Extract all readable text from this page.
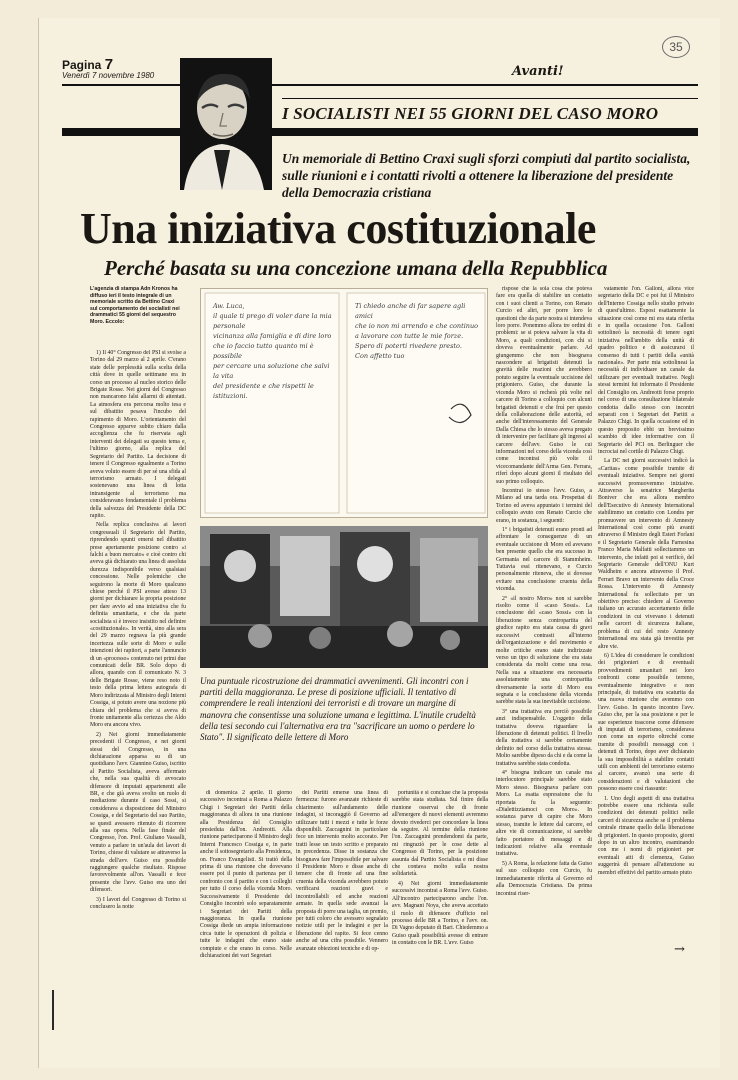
Pagina 7
Venerdì 7 novembre 1980
35
Avanti!
I SOCIALISTI NEI 55 GIORNI DEL CASO MORO
Un memoriale di Bettino Craxi sugli sforzi compiuti dal partito socialista, sulle riunioni e i contatti rivolti a ottenere la liberazione del presidente della Democrazia cristiana
Una iniziativa costituzionale
Perché basata su una concezione umana della Repubblica
L'agenzia di stampa Adn Kronos ha diffuso ieri il testo integrale di un memoriale scritto da Bettino Craxi sul comportamento dei socialisti nei drammatici 55 giorni del sequestro Moro. Eccolo:

1) Il 40° Congresso del PSI si svolse a Torino dal 29 marzo al 2 aprile. C'erano state delle perplessità sulla scelta della città dove in quelle settimane era in corso un processo al nucleo storico delle Brigate Rosse. Nei giorni del Congresso non mancarono falsi allarmi di attentati. La atmosfera era percorsa molto tesa e sul dibattito pesava l'incubo del rapimento di Moro. L'orientamento del Congresso apparve subito chiaro dalla accoglienza che fu riservata agli interventi dei delegati su questo tema e, l'ultimo giorno, alla replica del Segretario del Partito. La decisione di tenere il Congresso egualmente a Torino aveva voluto essere di per sé una sfida al terrorismo armato. I delegati sostenevano una linea di lotta intransigente al terrorismo ma consideravano fondamentale il problema della salvezza del Presidente della DC rapito.

Nella replica conclusiva ai lavori congressuali il Segretario del Partito, riprendendo spunti emersi nel dibattito prese apertamente posizione contro «i falchi a buon mercato» e cioè contro chi aveva già dichiarato una linea di assoluta durezza indisponibile verso qualsiasi concessione. Nelle polemiche che seguirono la morte di Moro qualcuno chiese perché il PSI avesse atteso 13 giorni per dichiarare la propria posizione per dare avvio ad una iniziativa che fu definita umanitaria, e che da parte socialista si è invece insistito nel definire «costituzionale». In verità, sino alla sera del 29 marzo regnava la più grande incertezza sulle sorte di Moro e sulle intenzioni dei rapitori, a parte l'annuncio di un «processo» contenuto nei primi due comunicati delle BR. Solo dopo di allora, quando con il comunicato N. 3 delle Brigate Rosse, viene reso noto il testo della prima lettera autografa di Moro indirizzata al Ministro degli Interni Cossiga, si potuto avere una nozione più chiara del problema che si aveva di fronte unitamente alla certezza che Aldo Moro era ancora vivo.

2) Nei giorni immediatamente precedenti il Congresso, e nei giorni stessi del Congresso, in una dichiarazione apparsa su di un quotidiano l'avv. Giannino Guiso, iscritto al Partito Socialista, aveva affermato che, nella sua qualità di avvocato difensore di imputati appartenenti alle BR, e che già aveva svolto un ruolo di mediazione durante il caso Sossi, si considerava a disposizione del Ministro Cossiga, e del Segretario del suo Partito, se questi avessero ritenuto di ricorrere alla sua opera. Nella fase finale del Congresso, l'on. Prof. Giuliano Vassalli, venuto a parlare in un'aula dei lavori di Torino, chiese di valutare se attraverso la strada dell'avv. Guiso era possibile raggiungere qualche risultato. Rispose favorevolmente all'on. Vassalli e fece presente che l'avv. Guiso era uno dei difensori.

3) I lavori del Congresso di Torino si conclusero la notte

Aw. Luca,
il quale ti prego di voler dare la mia personale
vicinanza alla famiglia e di dire loro
che io faccio tutto quanto mi è possibile
per cercare una soluzione che salvi la vita
del presidente e che rispetti le istituzioni.
Ti chiedo anche di far sapere agli amici
che io non mi arrendo e che continuo
a lavorare con tutte le mie forze.
Spero di poterti rivedere presto.
Con affetto tuo
Una puntuale ricostruzione dei drammatici avvenimenti. Gli incontri con i partiti della maggioranza. Le prese di posizione ufficiali. Il tentativo di comprendere le reali intenzioni dei terroristi e di trovare un margine di manovra che consentisse una soluzione umana e legittima. L'inutile crudeltà della tesi secondo cui l'alternativa era tra "sacrificare un uomo o perdere lo Stato". Il significato delle lettere di Moro

di domenica 2 aprile. Il giorno successivo incontrai a Roma a Palazzo Chigi i Segretari dei Partiti della maggioranza di allora in una riunione alla Presidenza del Consiglio presieduta dall'on. Andreotti. Alla riunione parteciparono il Ministro degli Interni Francesco Cossiga e, in parte anche il sottosegretario alla Presidenza, on. Franco Evangelisti. Si trattò della prima di una riunione che dovevano essere poi il punto di partenza per il confronto con il partito e con i colleghi per tutto il corso della vicenda Moro. Successivamente il Presidente del Consiglio incontrò solo separatamente i Segretari dei Partiti della maggioranza. In quella riunione Cossiga diede un ampia informazione circa tutte le operazioni di polizia e tutte le indagini che erano state compiute e che erano in corso. Nelle dichiarazioni dei vari Segretari

dei Partiti emerse una linea di fermezza: furono avanzate richieste di chiarimento sull'andamento delle indagini, si incoraggiò il Governo ad utilizzare tutti i mezzi e tutte le forze disponibili. Zaccagnini in particolare fece un intervento molto accorato. Per tratti lesse un testo scritto e preparato in precedenza. Disse in sostanza che bisognava fare l'impossibile per salvare il Presidente Moro e disse anche di temere che di fronte ad una fine cruenta della vicenda avrebbero potuto verificarsi reazioni gravi e incontrollabili ed anche reazioni armate. In quella sede avanzai la proposta di porre una taglia, un premio, per tutti coloro che avessero segnalato notizie utili per le indagini e per la liberazione del rapito. Si fece cenno anche ad una cifra possibile. Vennero avanzate obiezioni tecniche e di op-

portunità e si concluse che la proposta sarebbe stata studiata. Sul finire della riunione osservai che di fronte all'emergere di nuovi elementi avremmo dovuto rivederci per concordare la linea da seguire. Al termine della riunione l'on. Zaccagnini prendendomi da parte, mi ringraziò per le cose dette al Congresso di Torino, per la posizione assunta dal Partito Socialista e mi disse che contava molto sulla nostra solidarietà.

4) Nei giorni immediatamente successivi incontrai a Roma l'avv. Guiso. All'incontro parteciparono anche l'on. avv. Magnani Noya, che aveva accettato il ruolo di difensore d'ufficio nel processo delle BR a Torino, e l'avv. on. Di Vagno deputato di Bari. Chiedemmo a Guiso quali possibilità avesse di entrare in contatto con le BR. L'avv. Guiso

rispose che la sola cosa che poteva fare era quella di stabilire un contatto con i suoi clienti a Torino, con Renato Curcio ed altri, per porre loro le questioni che da parte nostra si intendeva loro porre. Ponemmo allora tre ordini di problemi: se si poteva salvare la vita di Moro, a quali condizioni, con chi si doveva eventualmente parlare. Ad giungemmo che non bisognava nascondere ai brigatisti detenuti la gravità delle reazioni che avrebbero potuto seguire la eventuale uccisione del prigioniero. Guiso, che durante la vicenda Moro si recherà più volte nel carcere di Torino a colloquio con alcuni brigatisti detenuti e che fruì per questo della collaborazione delle autorità, ed anche dell'interessamento del Generale Dalla Chiesa che lo stesso aveva pregato di intervenire per facilitare gli ingressi al carcere dell'avv. Guiso le cui informazioni nel corso della vicenda così come incontrai più volte il vicecomandante dell'Arma Gen. Ferrara, riferì dopo alcuni giorni il risultato del suo primo colloquio.

Incontrai io stesso l'avv. Guiso, a Milano ad una tarda ora. Prospettai di Torino ed aveva appuntato i termini del colloquio avuto con Renato Curcio che erano, in sostanza, i seguenti:

1° i brigatisti detenuti erano pronti ad affrontare le conseguenze di un eventuale uccisione di Moro ed avevano ben presente quello che era successo in Germania nel carcere di Stammheim. Tuttavia essi ritenevano, e Curcio personalmente riteneva, che si dovesse evitare una conclusione cruenta della vicenda.

2° «il nostro Moro» non si sarebbe risolto come il «caso Sossi». La conclusione del «caso Sossi» con la liberazione senza contropartita del giudice rapito era stata causa di gravi successivi contrasti all'interno dell'organizzazione e del movimento e molte critiche erano state indirizzate verso un tipo di soluzione che era stata considerata da molti come una resa. Nella sua a situazione era necessaria assolutamente una contropartita diversamente la sorte di Moro era segnata e la conclusione della vicenda sarebbe stata la sua inevitabile uccisione.

3° una trattativa era perciò possibile anzi indispensabile. L'oggetto della trattativa doveva riguardare la liberazione di detenuti politici. Il livello della trattativa si sarebbe certamente definito nel corso della trattativa stessa. Molto sarebbe dipeso da chi e da come la trattativa sarebbe stata condotta.

4° bisogna indicare un canale ma interlocutore principale sarebbe stato Moro stesso. Bisognava parlare con Moro. La esatta espressione che fu riportata fu la seguente: «Dialettizziamoci con Moro». In sostanza parve di capire che Moro stesso, tramite le lettere dal carcere, ed altre vie di comunicazione, si sarebbe fatto portatore di messaggi e di indicazioni relative alla eventuale trattativa.

5) A Roma, la relazione fatta da Guiso sul suo colloquio con Curcio, fu immediatamente riferita al Governo ed alla Democrazia Cristiana. Da prima incontrai riser-

vatamente l'on. Galloni, allora vice segretario della DC e poi fui il Ministro dell'Interno Cossiga nello studio privato di quest'ultimo. Esposi esattamente la situazione così come mi era stata riferita e in quella occasione l'on. Galloni sottolineò la necessità di tenere ogni iniziativa nell'ambito della unità di quadro politico e di assicurarsi il consenso di tutti i partiti della «unità nazionale». Per parte mia sottolineai la necessità di individuare un canale da utilizzare per eventuali trattative. Negli stessi termini fui informato il Presidente del Consiglio on. Andreotti forse proprio nel corso di una consultazione bilaterale condotta dallo stesso con incontri separati con i Segretari dei Partiti a Palazzo Chigi. In quella occasione ed in questo proposito ebbi un brevissimo scambio di idee informative con il Segretario del PCI on. Berlinguer che incrociai nel cortile di Palazzo Chigi.

La DC nei giorni successivi indicò la «Caritas» come possibile tramite di eventuali iniziative. Sempre nei giorni successivi promuovemmo iniziative. Attraverso la senatrice Margherita Boniver che era allora membro dell'Esecutivo di Amnesty International stabilimmo un contatto con Londra per promuovere un intervento di Amnesty International così come più avanti attraverso il Ministro degli Esteri Forlani e il Segretario Generale della Farnesina Franco Maria Malfatti sollecitammo un intervento, che infatti poi si verificò, del Segretario Generale dell'ONU Kurt Waldheim e ancora attraverso il Prof. Ferrari Bravo un intervento della Croce Rossa. L'intervento di Amnesty International fu sollecitato per un obiettivo preciso: chiedere al Governo italiano un accurato accertamento delle condizioni in cui vivevano i detenuti nelle carceri di sicurezza italiane, problema di cui del resto Amnesty International era stata già investita per altre vie.

6) L'idea di considerare le condizioni dei prigionieri e di eventuali provvedimenti umanitari nei loro confronti come possibile terreno, eventualmente integrativo e non principale, di trattativa era scaturita da una nuova riunione che avemmo con l'avv. Guiso. In questo incontro l'avv. Guiso che, per la sua posizione e per le sue esperienze trascorse come difensore di imputati di terrorismo, considerava non come un esperto oltreché come tramite di possibili messaggi con i detenuti di Torino, dopo aver dichiarato la sua impossibilità a stabilire contatti utili con ambienti del terrorismo esterno al carcere, avanzò una serie di considerazioni e di valutazioni che possono essere così riassunte:

1. Uno degli aspetti di una trattativa potrebbe essere una richiesta sulle condizioni dei detenuti politici nelle carceri di sicurezza anche se il problema centrale rimane quello della liberazione di prigionieri. In questo proposito, giorni dopo in un altro incontro, esaminando con me i nomi di prigionieri per eventuali atti di clemenza, Guiso suggerirà di pensare all'attenzione su membri effettivi del partito armato piuto

→
